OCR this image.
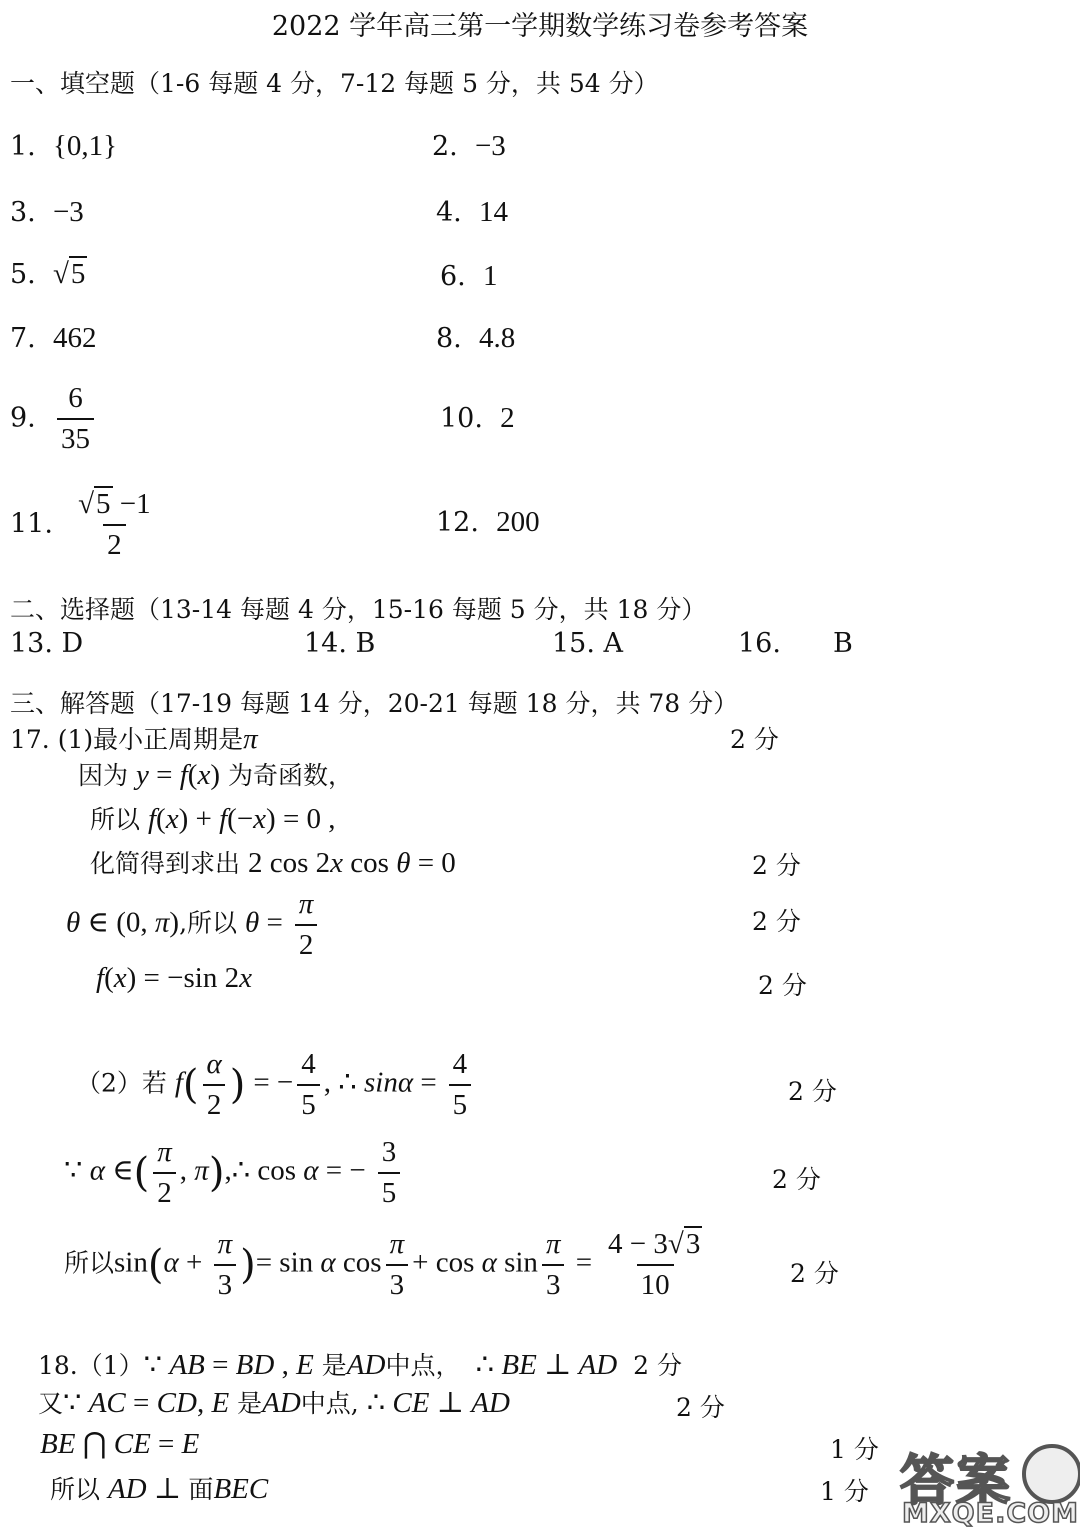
2022 学年高三第一学期数学练习卷参考答案
一、填空题（1-6 每题 4 分，7-12 每题 5 分，共 54 分）
1. {0,1}	2. −3
3. −3	4. 14
5. √5	6. 1
7. 462	8. 4.8
9. $\frac{6}{35}$	10. 2
11. $\frac{√5 -1}{2}$	12. 200
二、选择题（13-14 每题 4 分，15-16 每题 5 分，共 18 分）
13. D	14. B	15. A	16. B
三、解答题（17-19 每题 14 分，20-21 每题 18 分，共 78 分）
17. (1)最小正周期是π	2 分
因为 y = f(x) 为奇函数，
所以 f(x) + f(−x) = 0 ,
化简得到求出 2 cos 2x cos θ = 0	2 分
θ ∈ (0, π),所以 $\theta = \frac{\pi}{2}$	2 分
f(x) = −sin 2x	2 分
（2）若 $f( \frac{\alpha}{2}$ ) = − $\frac{4}{5}$ , ∴ $\sin\alpha = \frac{4}{5}$	2 分
∵ α ∈( $\frac{\pi}{2}$ , π),∴ cos α = − $\frac{3}{5}$	2 分
所以$\sin(\alpha + \frac{\pi}{3}$ )= sin α $\cos \frac{\pi}{3} + \cos \alpha$ $\sin \frac{\pi}{3} = \frac{4 - 3√3}{10}$	2 分
18.（1）∵ AB = BD , E 是AD中点，  ∴ BE ⊥ AD 2 分
又∵ AC = CD, E 是AD中点, ∴ CE ⊥ AD	2 分
BE ⋂ CE = E	1 分
所以 AD ⊥ 面BEC	1 分 答案
MXQE.COM
